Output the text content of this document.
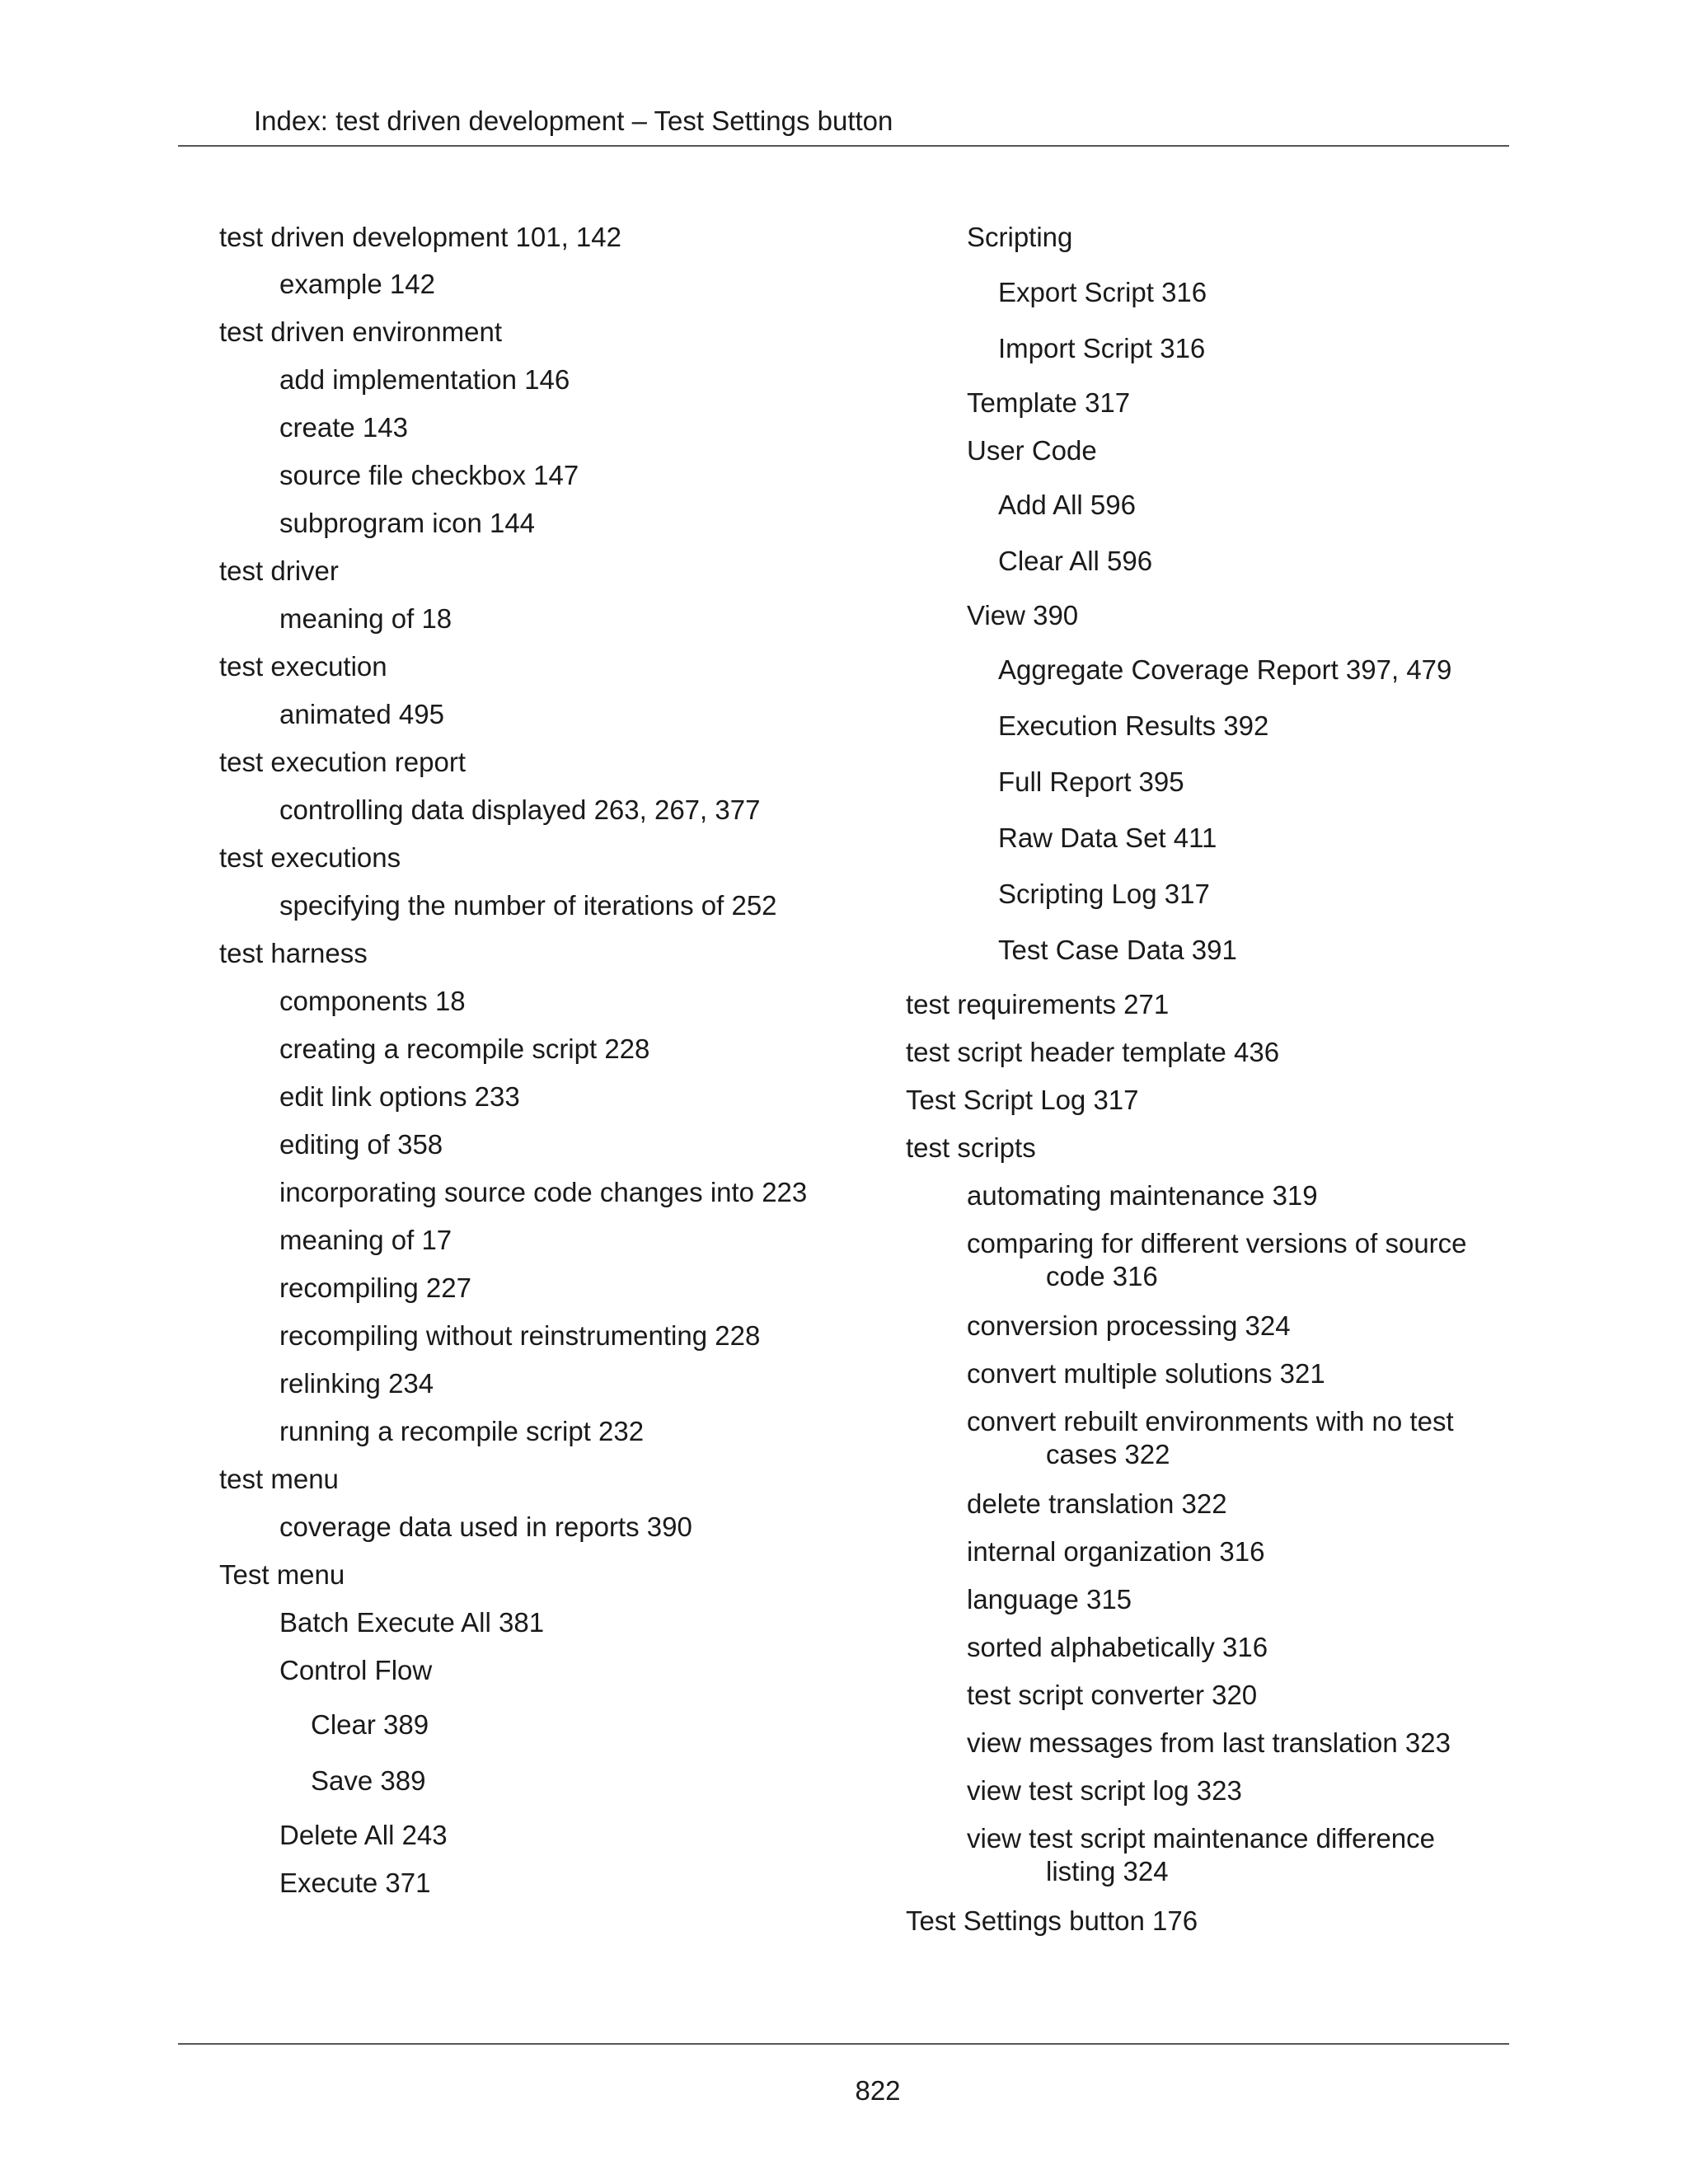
Index: test driven development – Test Settings button
test driven development 101, 142
example 142
test driven environment
add implementation 146
create 143
source file checkbox 147
subprogram icon 144
test driver
meaning of 18
test execution
animated 495
test execution report
controlling data displayed 263, 267, 377
test executions
specifying the number of iterations of 252
test harness
components 18
creating a recompile script 228
edit link options 233
editing of 358
incorporating source code changes into 223
meaning of 17
recompiling 227
recompiling without reinstrumenting 228
relinking 234
running a recompile script 232
test menu
coverage data used in reports 390
Test menu
Batch Execute All 381
Control Flow
Clear 389
Save 389
Delete All 243
Execute 371
Scripting
Export Script 316
Import Script 316
Template 317
User Code
Add All 596
Clear All 596
View 390
Aggregate Coverage Report 397, 479
Execution Results 392
Full Report 395
Raw Data Set 411
Scripting Log 317
Test Case Data 391
test requirements 271
test script header template 436
Test Script Log 317
test scripts
automating maintenance 319
comparing for different versions of source
code 316
conversion processing 324
convert multiple solutions 321
convert rebuilt environments with no test
cases 322
delete translation 322
internal organization 316
language 315
sorted alphabetically 316
test script converter 320
view messages from last translation 323
view test script log 323
view test script maintenance difference
listing 324
Test Settings button 176
822
